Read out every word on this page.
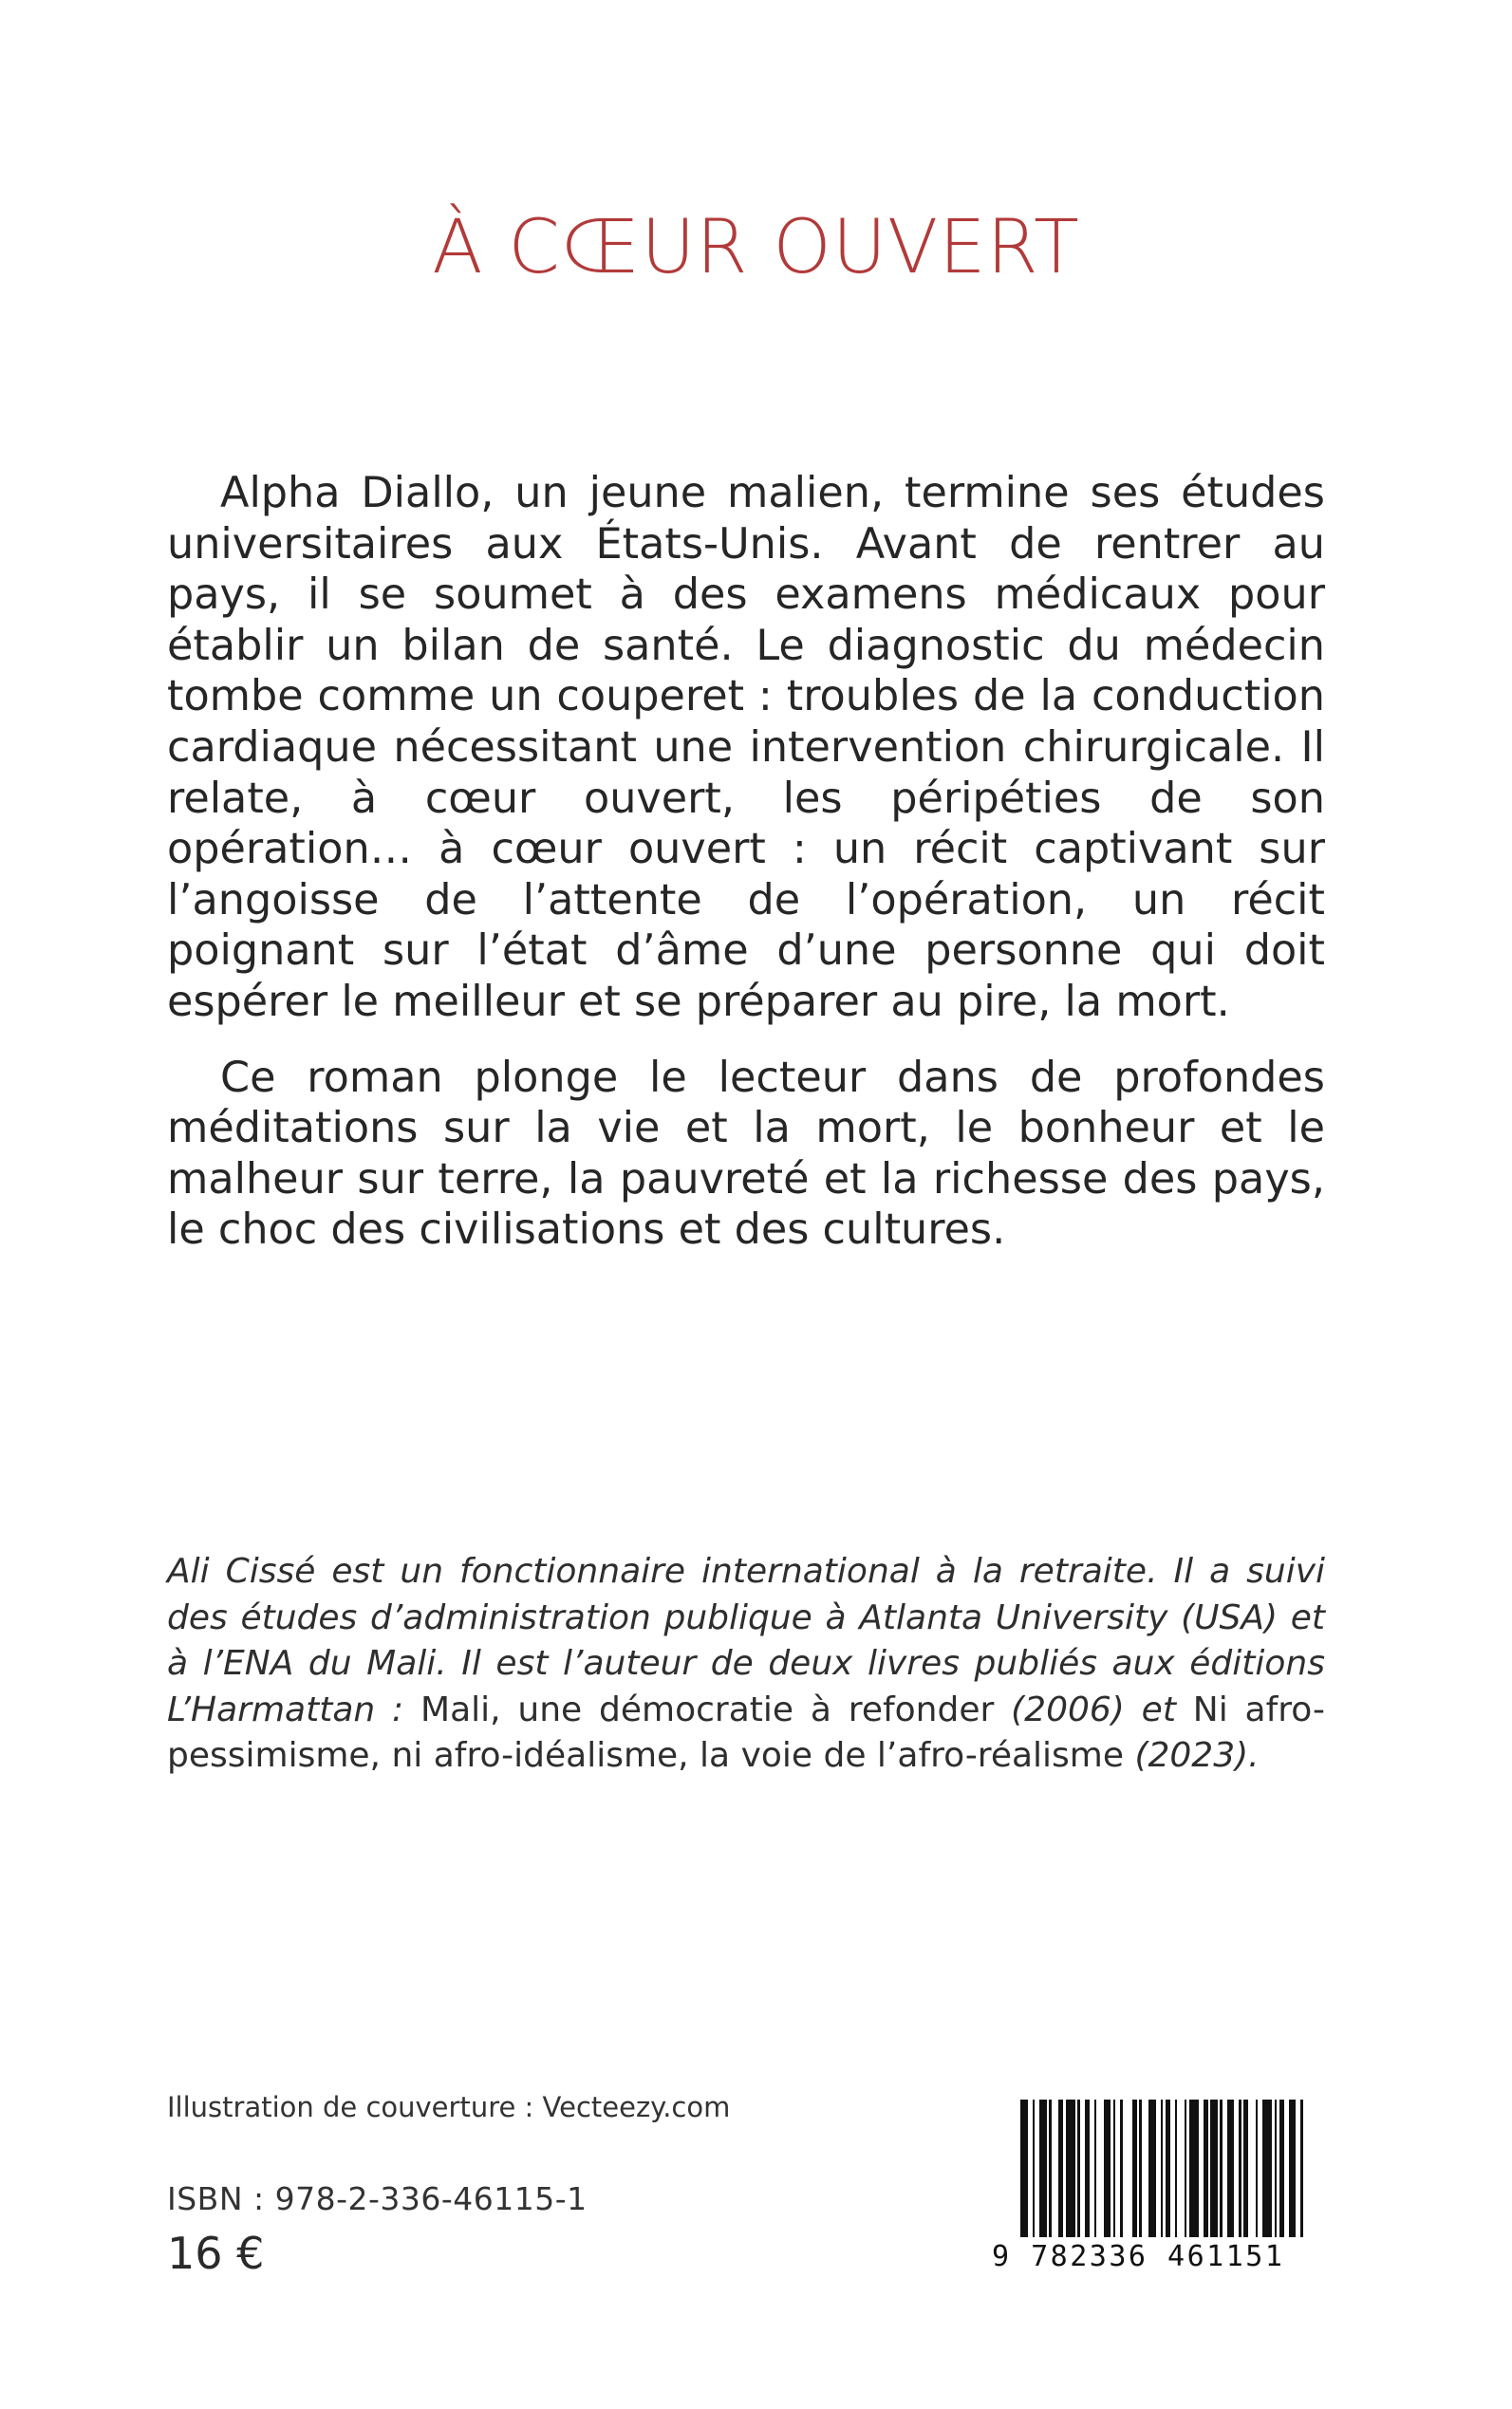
À CŒUR OUVERT

Alpha Diallo, un jeune malien, termine ses études universitaires aux États-Unis. Avant de rentrer au pays, il se soumet à des examens médicaux pour établir un bilan de santé. Le diagnostic du médecin tombe comme un couperet : troubles de la conduction cardiaque nécessitant une intervention chirurgicale. Il relate, à cœur ouvert, les péripéties de son opération… à cœur ouvert : un récit captivant sur l’angoisse de l’attente de l’opération, un récit poignant sur l’état d’âme d’une personne qui doit espérer le meilleur et se préparer au pire, la mort.

Ce roman plonge le lecteur dans de profondes méditations sur la vie et la mort, le bonheur et le malheur sur terre, la pauvreté et la richesse des pays, le choc des civilisations et des cultures.

Ali Cissé est un fonctionnaire international à la retraite. Il a suivi des études d’administration publique à Atlanta University (USA) et à l’ENA du Mali. Il est l’auteur de deux livres publiés aux éditions L’Harmattan : Mali, une démocratie à refonder (2006) et Ni afro-pessimisme, ni afro-idéalisme, la voie de l’afro-réalisme (2023).
Illustration de couverture : Vecteezy.com
ISBN : 978-2-336-46115-1
16 €	9 782336 461151
